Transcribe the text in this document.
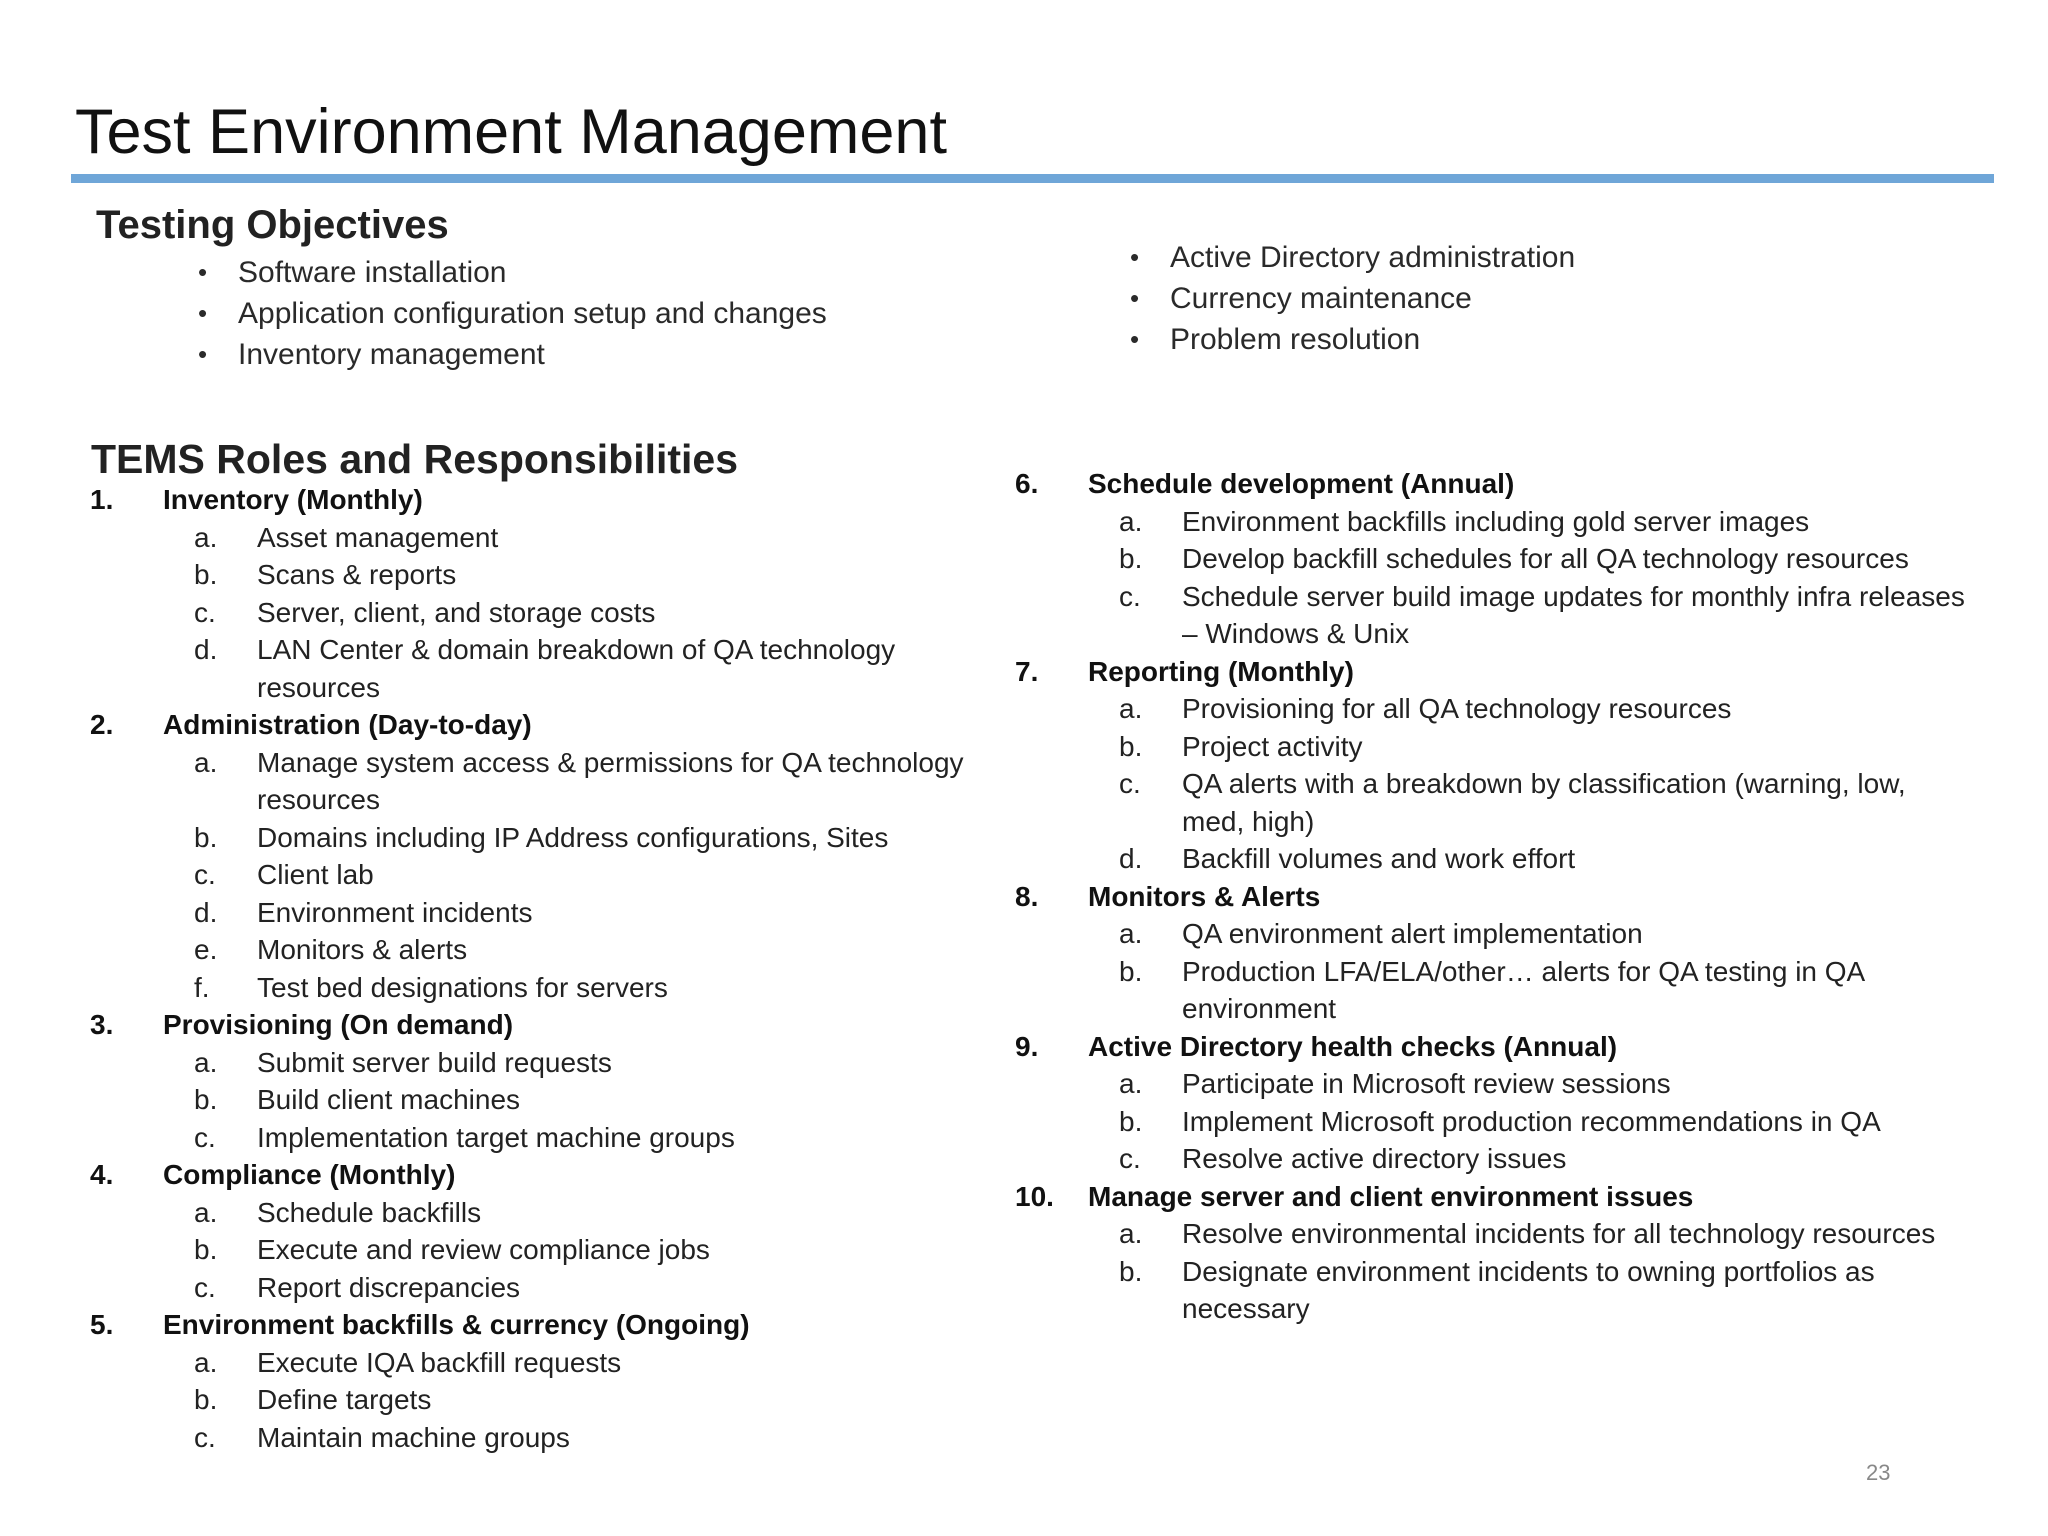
Test Environment Management
Testing Objectives
• Software installation
• Application configuration setup and changes
• Inventory management
• Active Directory administration
• Currency maintenance
• Problem resolution
TEMS Roles and Responsibilities
1. Inventory (Monthly)
a. Asset management
b. Scans & reports
c. Server, client, and storage costs
d. LAN Center & domain breakdown of QA technology resources
2. Administration (Day-to-day)
a. Manage system access & permissions for QA technology resources
b. Domains including IP Address configurations, Sites
c. Client lab
d. Environment incidents
e. Monitors & alerts
f. Test bed designations for servers
3. Provisioning (On demand)
a. Submit server build requests
b. Build client machines
c. Implementation target machine groups
4. Compliance (Monthly)
a. Schedule backfills
b. Execute and review compliance jobs
c. Report discrepancies
5. Environment backfills & currency (Ongoing)
a. Execute IQA backfill requests
b. Define targets
c. Maintain machine groups
6. Schedule development (Annual)
a. Environment backfills including gold server images
b. Develop backfill schedules for all QA technology resources
c. Schedule server build image updates for monthly infra releases – Windows & Unix
7. Reporting (Monthly)
a. Provisioning for all QA technology resources
b. Project activity
c. QA alerts with a breakdown by classification (warning, low, med, high)
d. Backfill volumes and work effort
8. Monitors & Alerts
a. QA environment alert implementation
b. Production LFA/ELA/other… alerts for QA testing in QA environment
9. Active Directory health checks (Annual)
a. Participate in Microsoft review sessions
b. Implement Microsoft production recommendations in QA
c. Resolve active directory issues
10. Manage server and client environment issues
a. Resolve environmental incidents for all technology resources
b. Designate environment incidents to owning portfolios as necessary
23
